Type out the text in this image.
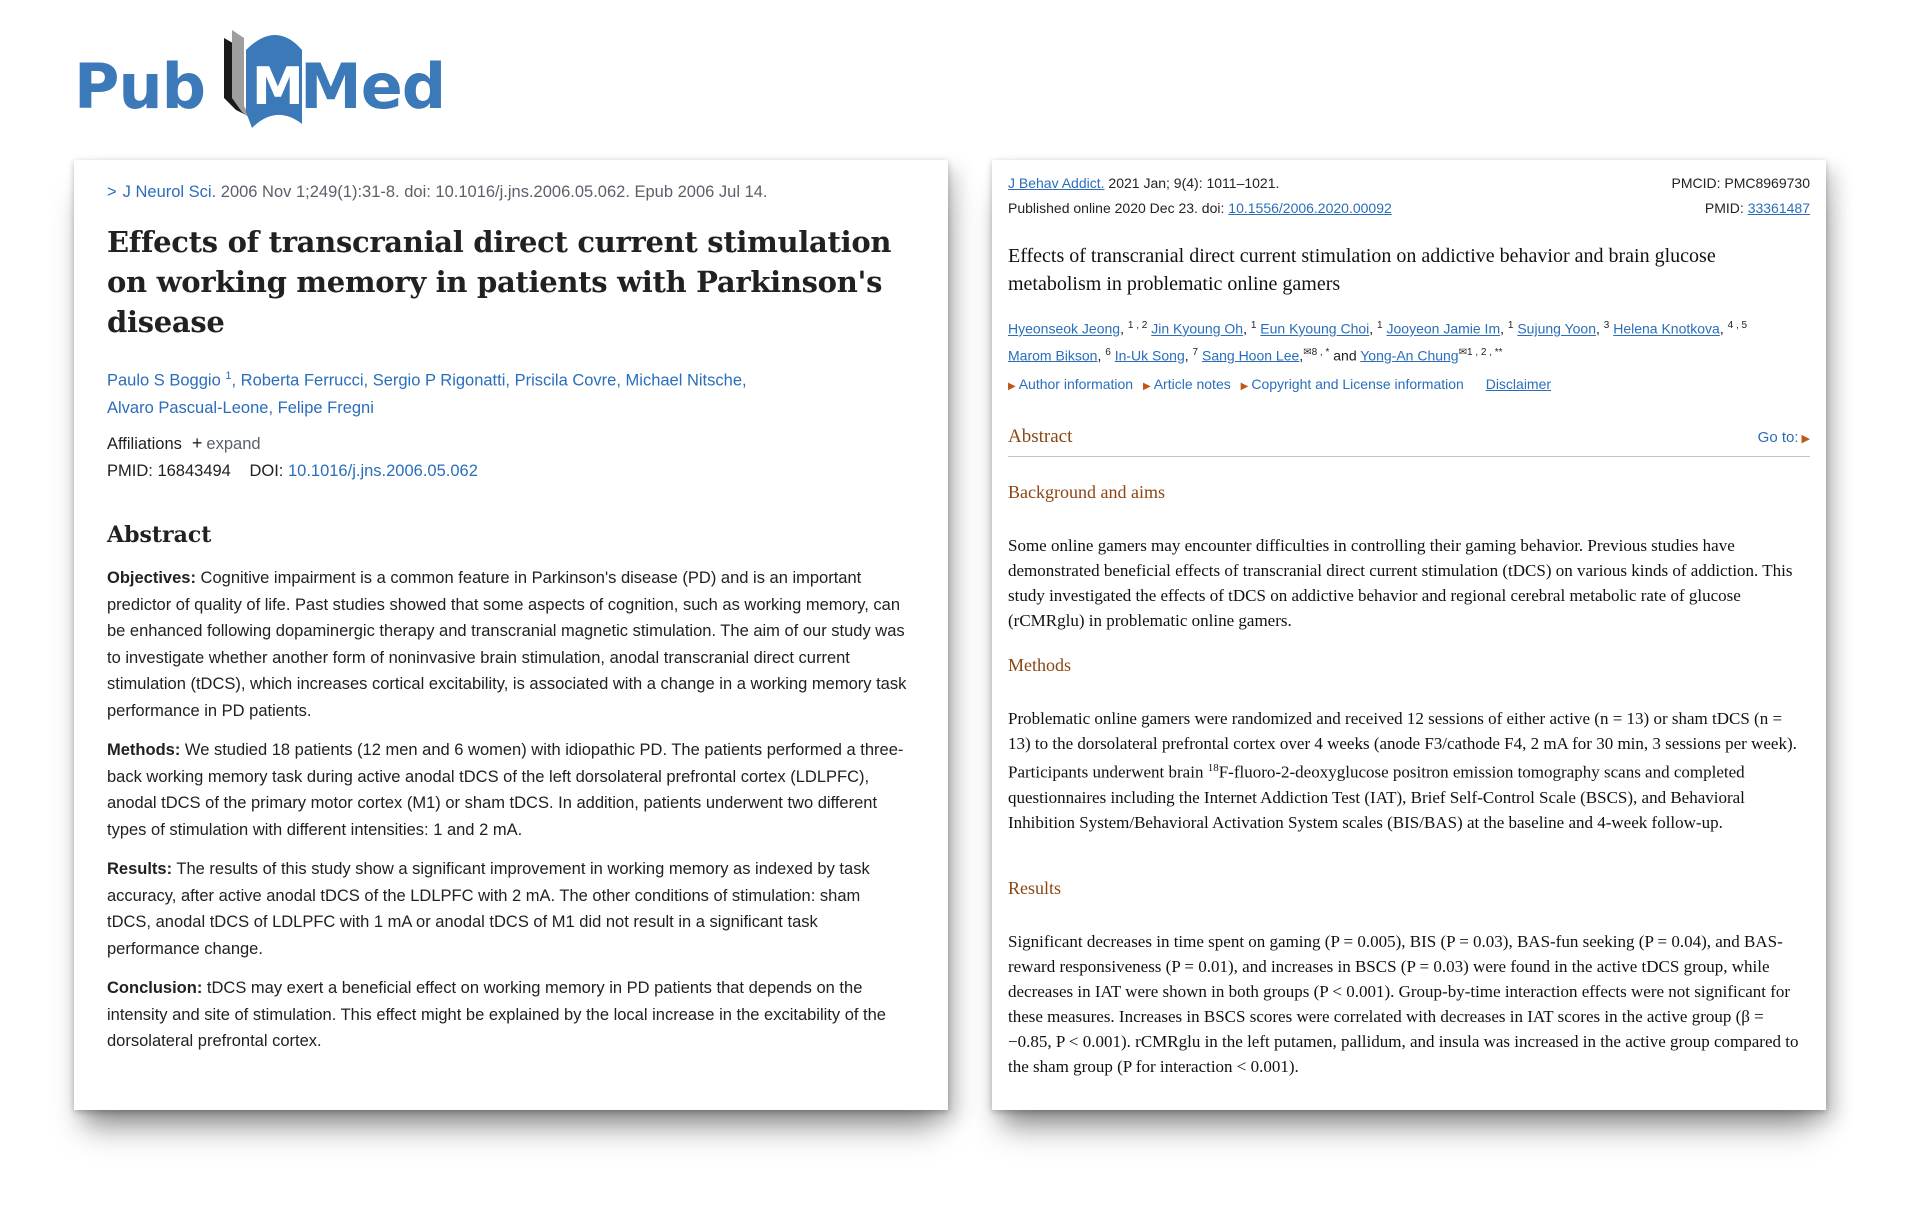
Pub M
Med
> J Neurol Sci. 2006 Nov 1;249(1):31-8. doi: 10.1016/j.jns.2006.05.062. Epub 2006 Jul 14.
Effects of transcranial direct current stimulation on working memory in patients with Parkinson's disease
Paulo S Boggio $^1$, Roberta Ferrucci, Sergio P Rigonatti, Priscila Covre, Michael Nitsche,
Alvaro Pascual-Leone, Felipe Fregni
Affiliations + expand
PMID: 16843494 DOI: 10.1016/j.jns.2006.05.062
Abstract

Objectives: Cognitive impairment is a common feature in Parkinson's disease (PD) and is an important predictor of quality of life. Past studies showed that some aspects of cognition, such as working memory, can be enhanced following dopaminergic therapy and transcranial magnetic stimulation. The aim of our study was to investigate whether another form of noninvasive brain stimulation, anodal transcranial direct current stimulation (tDCS), which increases cortical excitability, is associated with a change in a working memory task performance in PD patients.

Methods: We studied 18 patients (12 men and 6 women) with idiopathic PD. The patients performed a three-back working memory task during active anodal tDCS of the left dorsolateral prefrontal cortex (LDLPFC), anodal tDCS of the primary motor cortex (M1) or sham tDCS. In addition, patients underwent two different types of stimulation with different intensities: 1 and 2 mA.

Results: The results of this study show a significant improvement in working memory as indexed by task accuracy, after active anodal tDCS of the LDLPFC with 2 mA. The other conditions of stimulation: sham tDCS, anodal tDCS of LDLPFC with 1 mA or anodal tDCS of M1 did not result in a significant task performance change.

Conclusion: tDCS may exert a beneficial effect on working memory in PD patients that depends on the intensity and site of stimulation. This effect might be explained by the local increase in the excitability of the dorsolateral prefrontal cortex.

J Behav Addict. 2021 Jan; 9(4): 1011–1021.
Published online 2020 Dec 23. doi: 10.1556/2006.2020.00092
PMCID: PMC8969730
PMID: 33361487
Effects of transcranial direct current stimulation on addictive behavior and brain glucose metabolism in problematic online gamers
Hyeonseok Jeong, $^{1 , 2}$ Jin Kyoung Oh, $^1$ Eun Kyoung Choi, $^1$ Jooyeon Jamie Im, $^1$ Sujung Yoon, $^3$ Helena Knotkova, $^{4 , 5}$
Marom Bikson, $^6$ In-Uk Song, $^7$ Sang Hoon Lee,$^{✉8 , *}$ and Yong-An Chung$^{✉1 , 2 , **}$
▶ Author information ▶ Article notes ▶ Copyright and License information Disclaimer
Abstract	Go to: ▶
Background and aims
Some online gamers may encounter difficulties in controlling their gaming behavior. Previous studies have demonstrated beneficial effects of transcranial direct current stimulation (tDCS) on various kinds of addiction. This study investigated the effects of tDCS on addictive behavior and regional cerebral metabolic rate of glucose (rCMRglu) in problematic online gamers.
Methods
Problematic online gamers were randomized and received 12 sessions of either active (n = 13) or sham tDCS (n = 13) to the dorsolateral prefrontal cortex over 4 weeks (anode F3/cathode F4, 2 mA for 30 min, 3 sessions per week). Participants underwent brain $^{18}$F-fluoro-2-deoxyglucose positron emission tomography scans and completed questionnaires including the Internet Addiction Test (IAT), Brief Self-Control Scale (BSCS), and Behavioral Inhibition System/Behavioral Activation System scales (BIS/BAS) at the baseline and 4-week follow-up.
Results
Significant decreases in time spent on gaming (P = 0.005), BIS (P = 0.03), BAS-fun seeking (P = 0.04), and BAS-reward responsiveness (P = 0.01), and increases in BSCS (P = 0.03) were found in the active tDCS group, while decreases in IAT were shown in both groups (P < 0.001). Group-by-time interaction effects were not significant for these measures. Increases in BSCS scores were correlated with decreases in IAT scores in the active group (β = −0.85, P < 0.001). rCMRglu in the left putamen, pallidum, and insula was increased in the active group compared to the sham group (P for interaction < 0.001).
